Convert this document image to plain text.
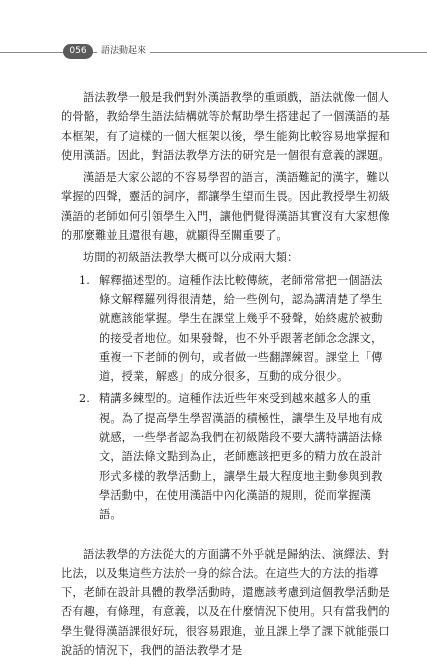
056	語法動起來

語法教學一般是我們對外漢語教學的重頭戲，語法就像一個人的骨骼，教給學生語法結構就等於幫助學生搭建起了一個漢語的基本框架，有了這樣的一個大框架以後，學生能夠比較容易地掌握和使用漢語。因此，對語法教學方法的研究是一個很有意義的課題。

漢語是大家公認的不容易學習的語言，漢語難記的漢字，難以掌握的四聲，靈活的詞序，都讓學生望而生畏。因此教授學生初級漢語的老師如何引領學生入門，讓他們覺得漢語其實沒有大家想像的那麼難並且還很有趣，就顯得至關重要了。

坊間的初級語法教學大概可以分成兩大類：

1. 解釋描述型的。這種作法比較傳統，老師常常把一個語法條文解釋羅列得很清楚，給一些例句，認為講清楚了學生就應該能掌握。學生在課堂上幾乎不發聲，始終處於被動的接受者地位。如果發聲，也不外乎跟著老師念念課文，重複一下老師的例句，或者做一些翻譯練習。課堂上「傳道，授業，解惑」的成分很多，互動的成分很少。
2. 精講多練型的。這種作法近些年來受到越來越多人的重視。為了提高學生學習漢語的積極性，讓學生及早地有成就感，一些學者認為我們在初級階段不要大講特講語法條文，語法條文點到為止，老師應該把更多的精力放在設計形式多樣的教學活動上，讓學生最大程度地主動參與到教學活動中，在使用漢語中內化漢語的規則，從而掌握漢語。

語法教學的方法從大的方面講不外乎就是歸納法、演繹法、對比法，以及集這些方法於一身的綜合法。在這些大的方法的指導下，老師在設計具體的教學活動時，還應該考慮到這個教學活動是否有趣，有條理，有意義，以及在什麼情況下使用。只有當我們的學生覺得漢語課很好玩，很容易跟進，並且課上學了課下就能張口說話的情況下，我們的語法教學才是
